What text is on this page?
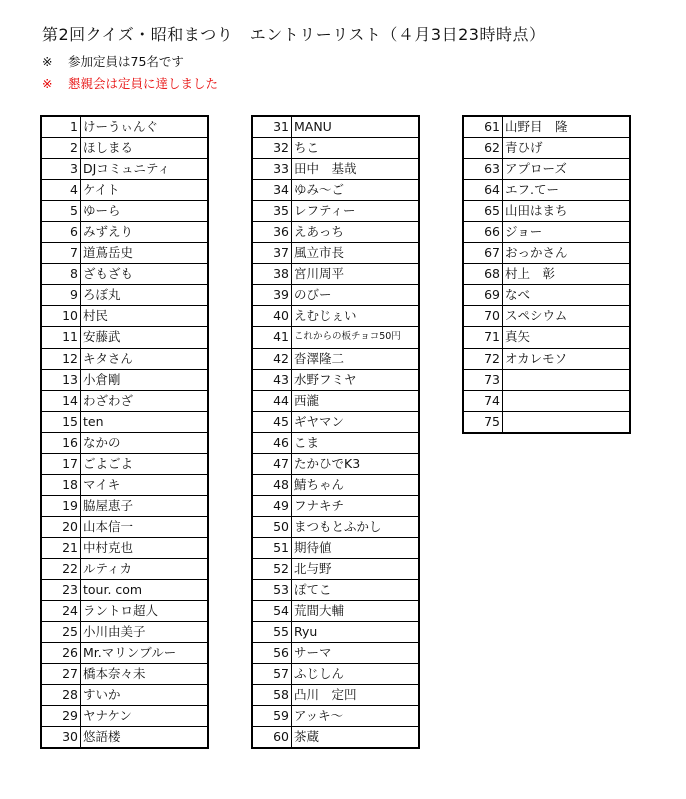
第2回クイズ・昭和まつり　エントリーリスト（４月3日23時時点）
※ 参加定員は75名です
※ 懇親会は定員に達しました
1	けーうぃんぐ
2	ほしまる
3	DJコミュニティ
4	ケイト
5	ゆーら
6	みずえり
7	道蔦岳史
8	ざもざも
9	ろぼ丸
10	村民
11	安藤武
12	キタさん
13	小倉剛
14	わざわざ
15	ten
16	なかの
17	ごよごよ
18	マイキ
19	脇屋恵子
20	山本信一
21	中村克也
22	ルティカ
23	tour. com
24	ラントロ超人
25	小川由美子
26	Mr.マリンブルー
27	橋本奈々未
28	すいか
29	ヤナケン
30	悠語楼
31	MANU
32	ちこ
33	田中　基哉
34	ゆみ～ご
35	レフティー
36	えあっち
37	風立市長
38	宮川周平
39	のびー
40	えむじぇい
41	これからの板チョコ50円
42	沓澤隆二
43	水野フミヤ
44	西瀧
45	ギヤマン
46	こま
47	たかひでK3
48	鯖ちゃん
49	フナキチ
50	まつもとふかし
51	期待値
52	北与野
53	ぽてこ
54	荒間大輔
55	Ryu
56	サーマ
57	ふじしん
58	凸川　定凹
59	アッキ～
60	茶蔵
61	山野目　隆
62	青ひげ
63	アプローズ
64	エフ.てー
65	山田はまち
66	ジョー
67	おっかさん
68	村上　彰
69	なべ
70	スペシウム
71	真矢
72	オカレモソ
73	
74	
75	
